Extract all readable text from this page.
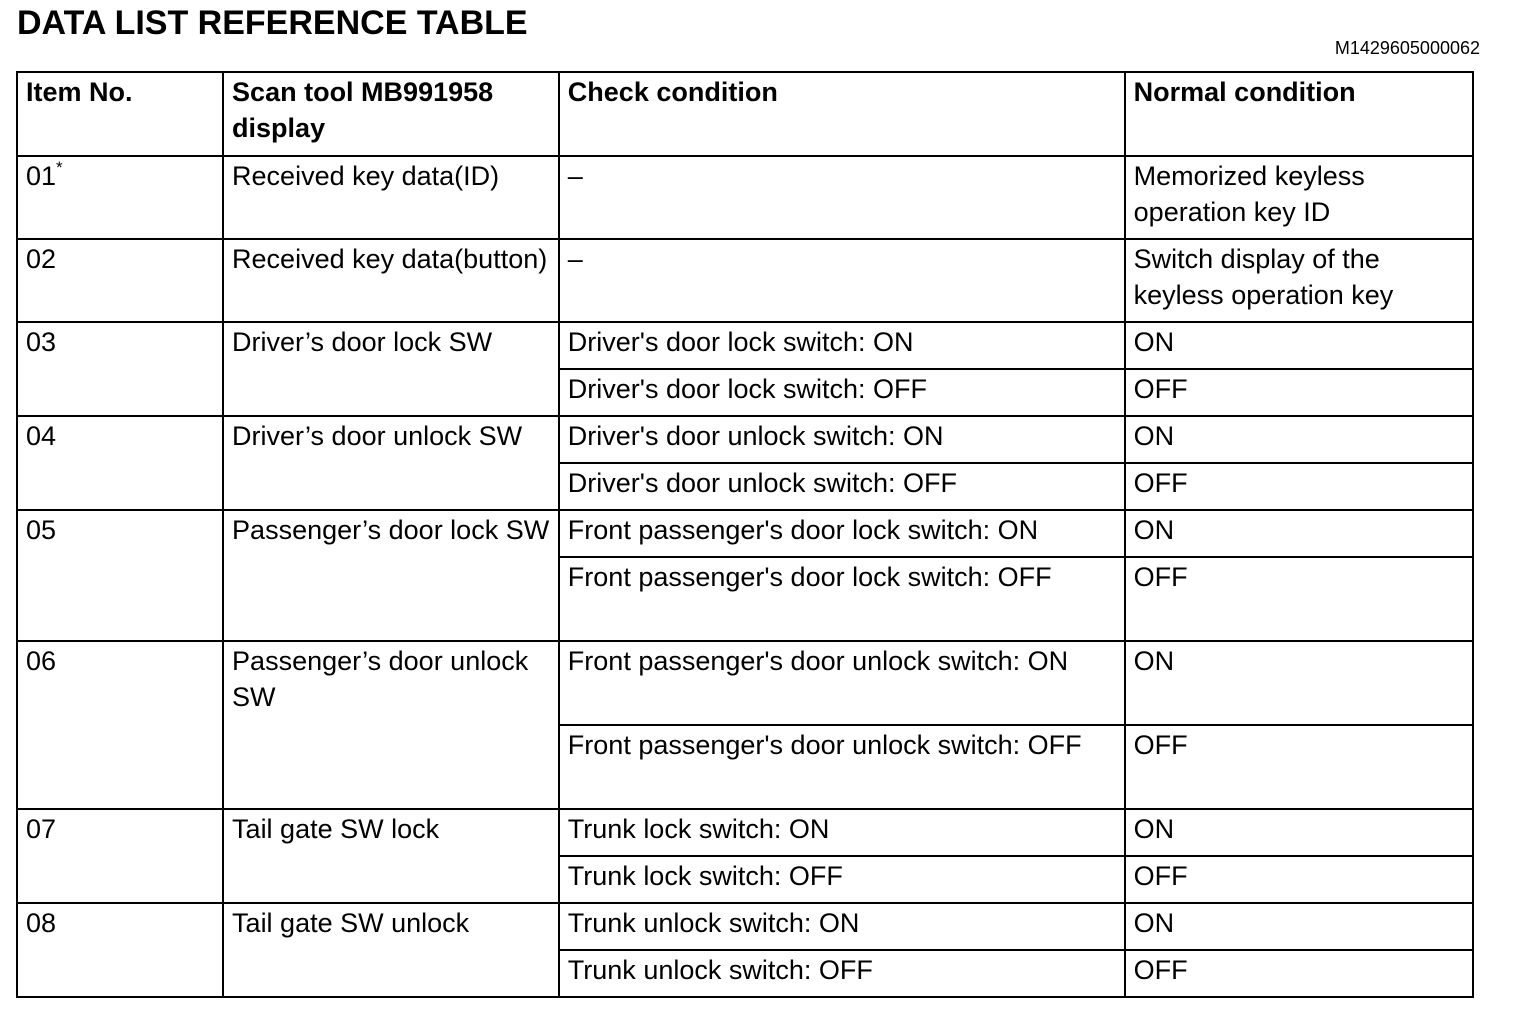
DATA LIST REFERENCE TABLE
M1429605000062
Item No.	Scan tool MB991958 display	Check condition	Normal condition
01*	Received key data(ID)	–	Memorized keyless operation key ID
02	Received key data(button)	–	Switch display of the keyless operation key
03	Driver’s door lock SW	Driver's door lock switch: ON	ON
		Driver's door lock switch: OFF	OFF
04	Driver’s door unlock SW	Driver's door unlock switch: ON	ON
		Driver's door unlock switch: OFF	OFF
05	Passenger’s door lock SW	Front passenger's door lock switch: ON	ON
		Front passenger's door lock switch: OFF	OFF
06	Passenger’s door unlock SW	Front passenger's door unlock switch: ON	ON
		Front passenger's door unlock switch: OFF	OFF
07	Tail gate SW lock	Trunk lock switch: ON	ON
		Trunk lock switch: OFF	OFF
08	Tail gate SW unlock	Trunk unlock switch: ON	ON
		Trunk unlock switch: OFF	OFF
